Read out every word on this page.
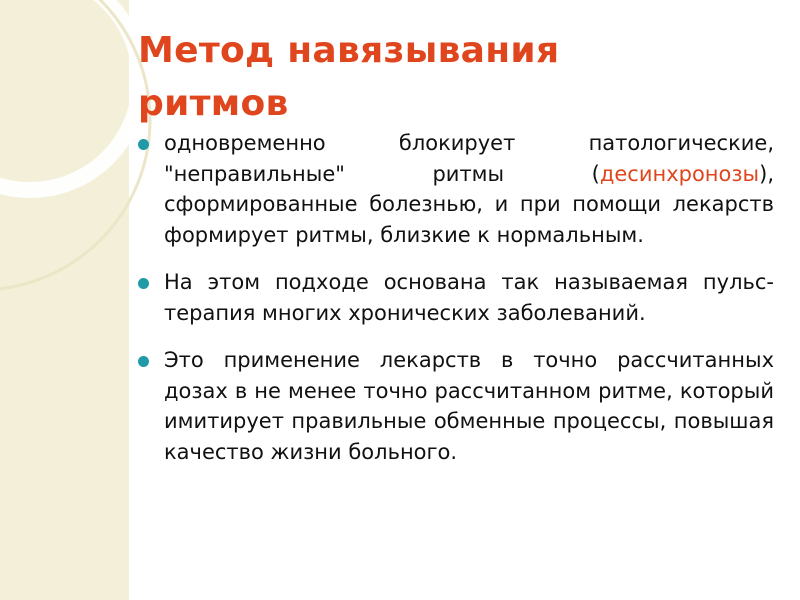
Метод навязывания ритмов
одновременно блокирует патологические, "неправильные" ритмы (десинхронозы), сформированные болезнью, и при помощи лекарств формирует ритмы, близкие к нормальным.
На этом подходе основана так называемая пульс-терапия многих хронических заболеваний.
Это применение лекарств в точно рассчитанных дозах в не менее точно рассчитанном ритме, который имитирует правильные обменные процессы, повышая качество жизни больного.
